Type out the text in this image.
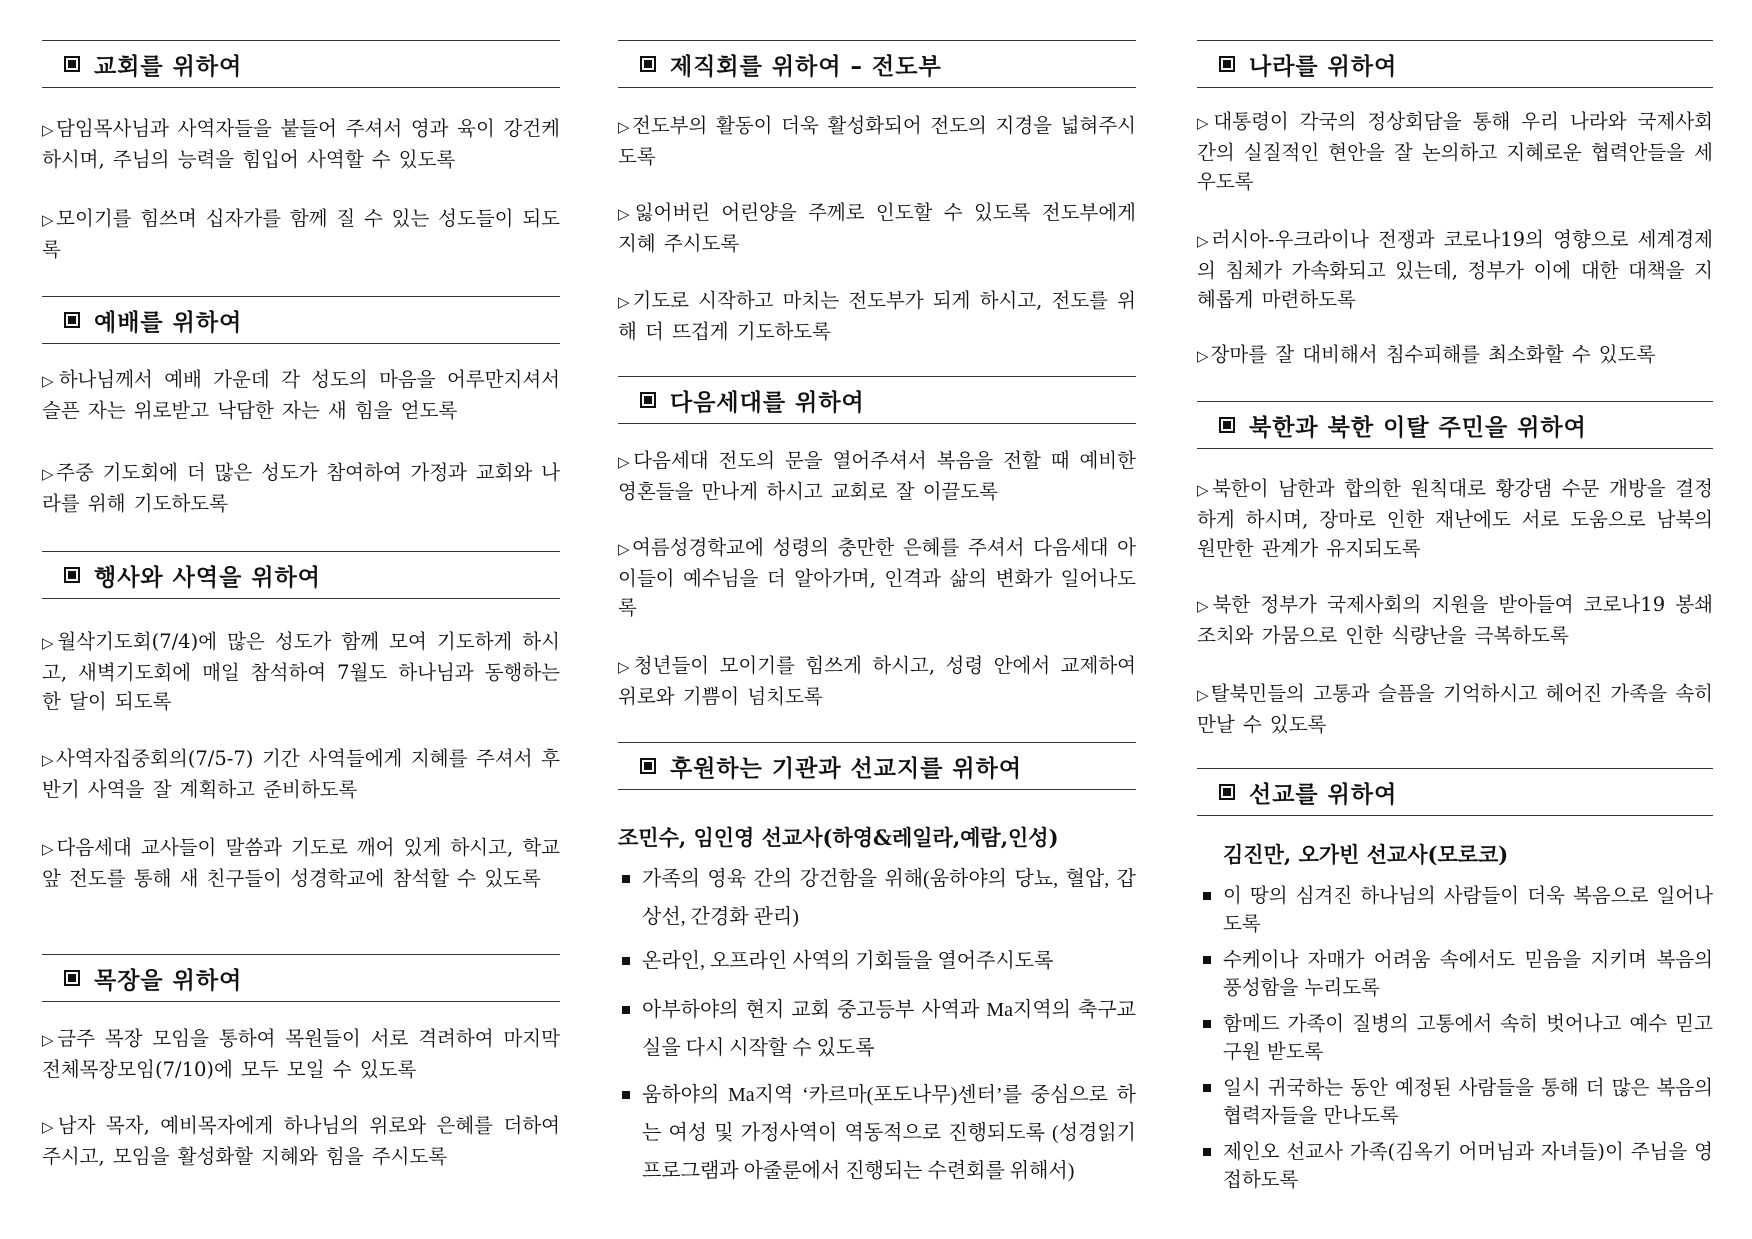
교회를 위하여
▷ 담임목사님과 사역자들을 붙들어 주셔서 영과 육이 강건케 하시며, 주님의 능력을 힘입어 사역할 수 있도록
▷ 모이기를 힘쓰며 십자가를 함께 질 수 있는 성도들이 되도록
예배를 위하여
▷ 하나님께서 예배 가운데 각 성도의 마음을 어루만지셔서 슬픈 자는 위로받고 낙담한 자는 새 힘을 얻도록
▷ 주중 기도회에 더 많은 성도가 참여하여 가정과 교회와 나라를 위해 기도하도록
행사와 사역을 위하여
▷ 월삭기도회(7/4)에 많은 성도가 함께 모여 기도하게 하시고, 새벽기도회에 매일 참석하여 7월도 하나님과 동행하는 한 달이 되도록
▷ 사역자집중회의(7/5-7) 기간 사역들에게 지혜를 주셔서 후반기 사역을 잘 계획하고 준비하도록
▷ 다음세대 교사들이 말씀과 기도로 깨어 있게 하시고, 학교 앞 전도를 통해 새 친구들이 성경학교에 참석할 수 있도록
목장을 위하여
▷ 금주 목장 모임을 통하여 목원들이 서로 격려하여 마지막 전체목장모임(7/10)에 모두 모일 수 있도록
▷ 남자 목자, 예비목자에게 하나님의 위로와 은혜를 더하여 주시고, 모임을 활성화할 지혜와 힘을 주시도록
제직회를 위하여 – 전도부
▷ 전도부의 활동이 더욱 활성화되어 전도의 지경을 넓혀주시도록
▷ 잃어버린 어린양을 주께로 인도할 수 있도록 전도부에게 지혜 주시도록
▷ 기도로 시작하고 마치는 전도부가 되게 하시고, 전도를 위해 더 뜨겁게 기도하도록
다음세대를 위하여
▷ 다음세대 전도의 문을 열어주셔서 복음을 전할 때 예비한 영혼들을 만나게 하시고 교회로 잘 이끌도록
▷ 여름성경학교에 성령의 충만한 은혜를 주셔서 다음세대 아이들이 예수님을 더 알아가며, 인격과 삶의 변화가 일어나도록
▷ 청년들이 모이기를 힘쓰게 하시고, 성령 안에서 교제하여 위로와 기쁨이 넘치도록
후원하는 기관과 선교지를 위하여
조민수, 임인영 선교사(하영&레일라,예람,인성)
가족의 영육 간의 강건함을 위해(움하야의 당뇨, 혈압, 갑상선, 간경화 관리)
온라인, 오프라인 사역의 기회들을 열어주시도록
아부하야의 현지 교회 중고등부 사역과 Ma지역의 축구교실을 다시 시작할 수 있도록
움하야의 Ma지역 ‘카르마(포도나무)센터’를 중심으로 하는 여성 및 가정사역이 역동적으로 진행되도록 (성경읽기 프로그램과 아줄룬에서 진행되는 수련회를 위해서)
나라를 위하여
▷ 대통령이 각국의 정상회담을 통해 우리 나라와 국제사회 간의 실질적인 현안을 잘 논의하고 지혜로운 협력안들을 세우도록
▷ 러시아-우크라이나 전쟁과 코로나19의 영향으로 세계경제의 침체가 가속화되고 있는데, 정부가 이에 대한 대책을 지혜롭게 마련하도록
▷ 장마를 잘 대비해서 침수피해를 최소화할 수 있도록
북한과 북한 이탈 주민을 위하여
▷ 북한이 남한과 합의한 원칙대로 황강댐 수문 개방을 결정하게 하시며, 장마로 인한 재난에도 서로 도움으로 남북의 원만한 관계가 유지되도록
▷ 북한 정부가 국제사회의 지원을 받아들여 코로나19 봉쇄조치와 가뭄으로 인한 식량난을 극복하도록
▷ 탈북민들의 고통과 슬픔을 기억하시고 헤어진 가족을 속히 만날 수 있도록
선교를 위하여
김진만, 오가빈 선교사(모로코)
이 땅의 심겨진 하나님의 사람들이 더욱 복음으로 일어나도록
수케이나 자매가 어려움 속에서도 믿음을 지키며 복음의 풍성함을 누리도록
함메드 가족이 질병의 고통에서 속히 벗어나고 예수 믿고 구원 받도록
일시 귀국하는 동안 예정된 사람들을 통해 더 많은 복음의 협력자들을 만나도록
제인오 선교사 가족(김옥기 어머님과 자녀들)이 주님을 영접하도록
